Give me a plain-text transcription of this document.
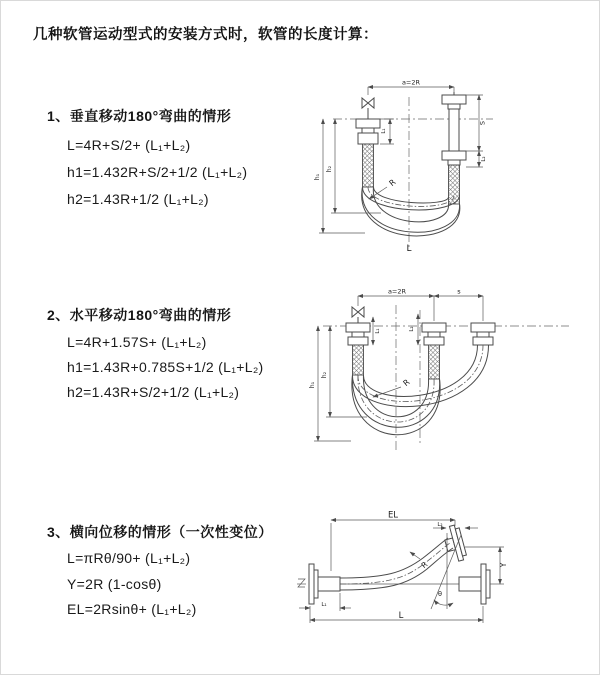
几种软管运动型式的安装方式时，软管的长度计算：
1、垂直移动180°弯曲的情形
L=4R+S/2+ (L₁+L₂)
h1=1.432R+S/2+1/2 (L₁+L₂)
h2=1.43R+1/2 (L₁+L₂)
2、水平移动180°弯曲的情形
L=4R+1.57S+ (L₁+L₂)
h1=1.43R+0.785S+1/2 (L₁+L₂)
h2=1.43R+S/2+1/2 (L₁+L₂)
3、横向位移的情形（一次性变位）
L=πRθ/90+ (L₁+L₂)
Y=2R (1-cosθ)
EL=2Rsinθ+ (L₁+L₂)
a=2R
S
L₂
L₁
h₁
h₂
R
L
a=2R	s
h₁
h₂
L₁	L₂
R
θ
EL
L₂
Y
R
L₁
L
